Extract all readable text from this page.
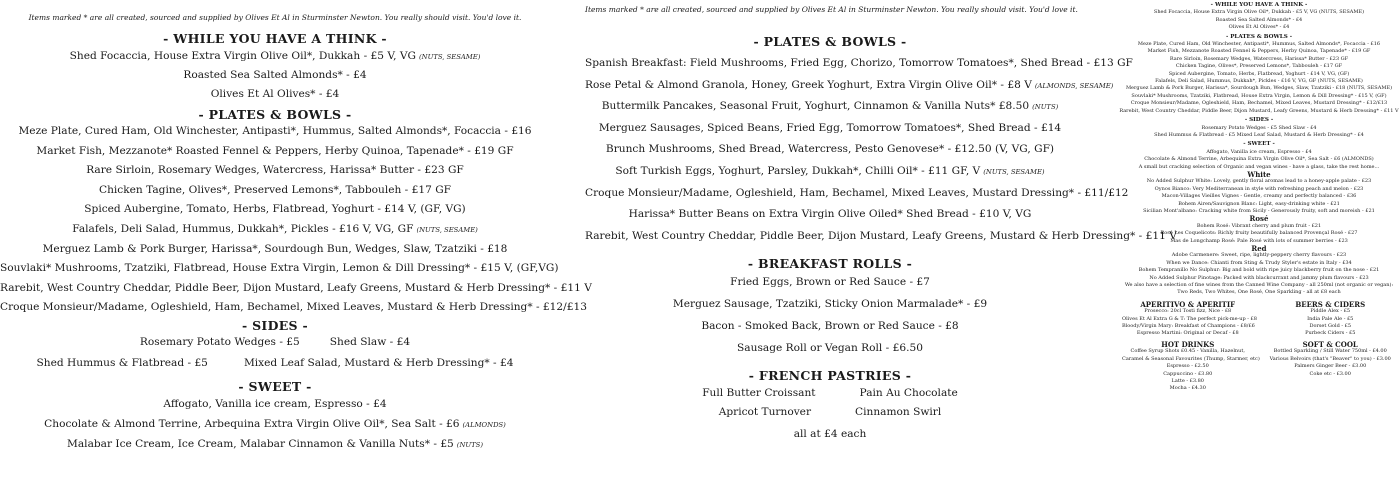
Items marked * are all created, sourced and supplied by Olives Et Al in Sturminster Newton. You really should visit. You'd love it.
- WHILE YOU HAVE A THINK -
Shed Focaccia, House Extra Virgin Olive Oil*, Dukkah - £5 V, VG (NUTS, SESAME)
Roasted Sea Salted Almonds* - £4
Olives Et Al Olives* - £4
- PLATES & BOWLS -
Meze Plate, Cured Ham, Old Winchester, Antipasti*, Hummus, Salted Almonds*, Focaccia - £16
Market Fish, Mezzanote* Roasted Fennel & Peppers, Herby Quinoa, Tapenade* - £19 GF
Rare Sirloin, Rosemary Wedges, Watercress, Harissa* Butter - £23 GF
Chicken Tagine, Olives*, Preserved Lemons*, Tabbouleh - £17 GF
Spiced Aubergine, Tomato, Herbs, Flatbread, Yoghurt - £14 V, (GF, VG)
Falafels, Deli Salad, Hummus, Dukkah*, Pickles - £16 V, VG, GF (NUTS, SESAME)
Merguez Lamb & Pork Burger, Harissa*, Sourdough Bun, Wedges, Slaw, Tzatziki - £18
Souvlaki* Mushrooms, Tzatziki, Flatbread, House Extra Virgin, Lemon & Dill Dressing* - £15 V, (GF,VG)
Rarebit, West Country Cheddar, Piddle Beer, Dijon Mustard, Leafy Greens, Mustard & Herb Dressing* - £11 V
Croque Monsieur/Madame, Ogleshield, Ham, Bechamel, Mixed Leaves, Mustard & Herb Dressing* - £12/£13
- SIDES -
Rosemary Potato Wedges - £5	Shed Slaw - £4
Shed Hummus & Flatbread - £5	Mixed Leaf Salad, Mustard & Herb Dressing* - £4
- SWEET -
Affogato, Vanilla ice cream, Espresso - £4
Chocolate & Almond Terrine, Arbequina Extra Virgin Olive Oil*, Sea Salt - £6 (ALMONDS)
Malabar Ice Cream, Ice Cream, Malabar Cinnamon & Vanilla Nuts* - £5 (NUTS)
Items marked * are all created, sourced and supplied by Olives Et Al in Sturminster Newton. You really should visit. You'd love it.
- PLATES & BOWLS -
Spanish Breakfast: Field Mushrooms, Fried Egg, Chorizo, Tomorrow Tomatoes*, Shed Bread - £13 GF
Rose Petal & Almond Granola, Honey, Greek Yoghurt, Extra Virgin Olive Oil* - £8 V (ALMONDS, SESAME)
Buttermilk Pancakes, Seasonal Fruit, Yoghurt, Cinnamon & Vanilla Nuts* £8.50 (NUTS)
Merguez Sausages, Spiced Beans, Fried Egg, Tomorrow Tomatoes*, Shed Bread - £14
Brunch Mushrooms, Shed Bread, Watercress, Pesto Genovese* - £12.50 (V, VG, GF)
Soft Turkish Eggs, Yoghurt, Parsley, Dukkah*, Chilli Oil* - £11 GF, V (NUTS, SESAME)
Croque Monsieur/Madame, Ogleshield, Ham, Bechamel, Mixed Leaves, Mustard Dressing* - £11/£12
Harissa* Butter Beans on Extra Virgin Olive Oiled* Shed Bread - £10 V, VG
Rarebit, West Country Cheddar, Piddle Beer, Dijon Mustard, Leafy Greens, Mustard & Herb Dressing* - £11 V
- BREAKFAST ROLLS -
Fried Eggs, Brown or Red Sauce - £7
Merguez Sausage, Tzatziki, Sticky Onion Marmalade* - £9
Bacon - Smoked Back, Brown or Red Sauce - £8
Sausage Roll or Vegan Roll - £6.50
- FRENCH PASTRIES -
Full Butter Croissant	Pain Au Chocolate
Apricot Turnover	Cinnamon Swirl
all at £4 each
- WHILE YOU HAVE A THINK -
Shed Focaccia, House Extra Virgin Olive Oil*, Dukkah - £5 V, VG (NUTS, SESAME)
Roasted Sea Salted Almonds* - £4
Olives Et Al Olives* - £4
- PLATES & BOWLS -
Meze Plate, Cured Ham, Old Winchester, Antipasti*, Hummus, Salted Almonds*, Focaccia - £16
Market Fish, Mezzanote Roasted Fennel & Peppers, Herby Quinoa, Tapenade* - £19 GF
Rare Sirloin, Rosemary Wedges, Watercress, Harissa* Butter - £23 GF
Chicken Tagine, Olives*, Preserved Lemons*, Tabbouleh - £17 GF
Spiced Aubergine, Tomato, Herbs, Flatbread, Yoghurt - £14 V, VG, (GF)
Falafels, Deli Salad, Hummus, Dukkah*, Pickles - £16 V, VG, GF (NUTS, SESAME)
Merguez Lamb & Pork Burger, Harissa*, Sourdough Bun, Wedges, Slaw, Tzatziki - £18 (NUTS, SESAME)
Souvlaki* Mushrooms, Tzatziki, Flatbread, House Extra Virgin, Lemon & Dill Dressing* - £15 V, (GF)
Croque Monsieur/Madame, Ogleshield, Ham, Bechamel, Mixed Leaves, Mustard Dressing* - £12/£13
Rarebit, West Country Cheddar, Piddle Beer, Dijon Mustard, Leafy Greens, Mustard & Herb Dressing* - £11 V
- SIDES -
Rosemary Potato Wedges - £5 Shed Slaw - £4
Shed Hummus & Flatbread - £5 Mixed Leaf Salad, Mustard & Herb Dressing* - £4
- SWEET -
Affogato, Vanilla ice cream, Espresso - £4
Chocolate & Almond Terrine, Arbequina Extra Virgin Olive Oil*, Sea Salt - £6 (ALMONDS)
A small but cracking selection of Organic and vegan wines - have a glass, take the rest home...
White
No Added Sulphur White: Lovely, gently floral aromas lead to a honey-apple palate - £23
Oynos Bianco: Very Mediterranean in style with refreshing peach and melon - £23
Macon-Villages Vieilles Vignes - Gentle, creamy and perfectly balanced - £36
Bohem Airen/Sauvignon Blanc: Light, easy-drinking white - £21
Sicilian Mont'albano: Cracking white from Sicily - Generously fruity, soft and moreish - £21
Rosé
Bohem Rosé: Vibrant cherry and plum fruit - £21
Rosé Les Coquelicots: Richly fruity beautifully balanced Provençal Rosé - £27
Mas de Longchamp Rosé: Pale Rosé with lots of summer berries - £23
Red
Adobe Carmenere: Sweet, ripe, lightly-peppery cherry flavours - £23
When we Dance: Chianti from Sting & Trudy Styler's estate in Italy - £34
Bohem Tempranillo No Sulphur: Big and bold with ripe juicy blackberry fruit on the nose - £21
No Added Sulphur Pinotage: Packed with blackcurrant and jammy plum flavours - £23
We also have a selection of fine wines from the Canned Wine Company - all 250ml (not organic or vegan):
Two Reds, Two Whites, One Rosé, One Sparkling - all at £8 each
APERITIVO & APERITIF
Prosecco: 20cl Tosti fizz, Nice - £8
Olives Et Al Extra G & T: The perfect pick-me-up - £8
Bloody/Virgin Mary: Breakfast of Champions - £8/£6
Espresso Martini: Original or Decaf - £8
BEERS & CIDERS
Piddle Alex - £5
India Pale Ale - £5
Dorset Gold - £5
Purbeck Ciders - £5
HOT DRINKS
Coffee Syrup Shots £0.45 - Vanilla, Hazelnut,
Caramel & Seasonal Favourites (Thump, Starmer, etc)
Espresso - £2.50
Cappuccino - £3.80
Latte - £3.80
Mocha - £4.30
SOFT & COOL
Bottled Sparkling / Still Water 750ml - £4.00
Various Belvoirs (that's "Beaver" to you) - £3.00
Palmers Ginger Beer - £3.00
Coke etc - £3.00
